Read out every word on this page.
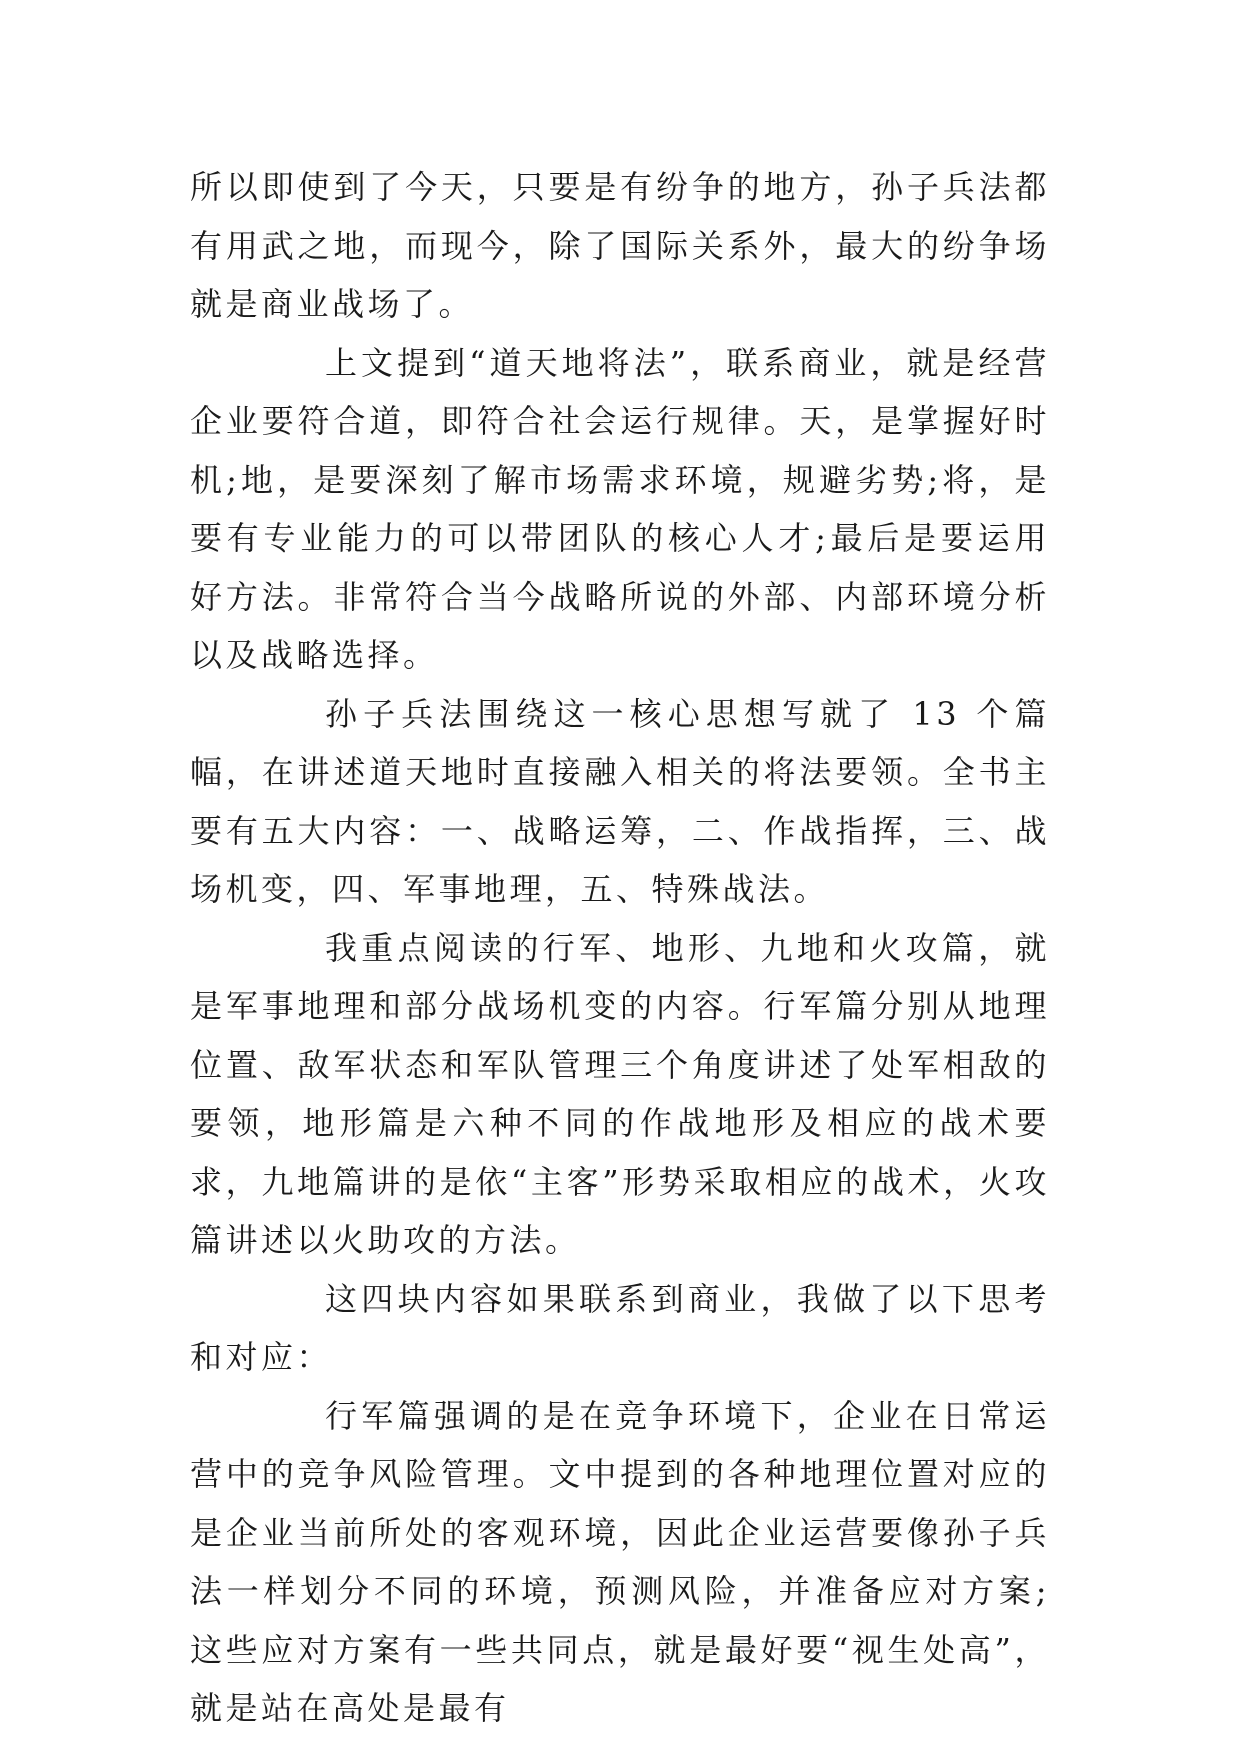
所以即使到了今天，只要是有纷争的地方，孙子兵法都有用武之地，而现今，除了国际关系外，最大的纷争场就是商业战场了。

上文提到“道天地将法”，联系商业，就是经营企业要符合道，即符合社会运行规律。天，是掌握好时机;地，是要深刻了解市场需求环境，规避劣势;将，是要有专业能力的可以带团队的核心人才;最后是要运用好方法。非常符合当今战略所说的外部、内部环境分析以及战略选择。

孙子兵法围绕这一核心思想写就了 13 个篇幅，在讲述道天地时直接融入相关的将法要领。全书主要有五大内容：一、战略运筹，二、作战指挥，三、战场机变，四、军事地理，五、特殊战法。

我重点阅读的行军、地形、九地和火攻篇，就是军事地理和部分战场机变的内容。行军篇分别从地理位置、敌军状态和军队管理三个角度讲述了处军相敌的要领，地形篇是六种不同的作战地形及相应的战术要求，九地篇讲的是依“主客”形势采取相应的战术，火攻篇讲述以火助攻的方法。

这四块内容如果联系到商业，我做了以下思考和对应：

行军篇强调的是在竞争环境下，企业在日常运营中的竞争风险管理。文中提到的各种地理位置对应的是企业当前所处的客观环境，因此企业运营要像孙子兵法一样划分不同的环境，预测风险，并准备应对方案;这些应对方案有一些共同点，就是最好要“视生处高”，就是站在高处是最有
